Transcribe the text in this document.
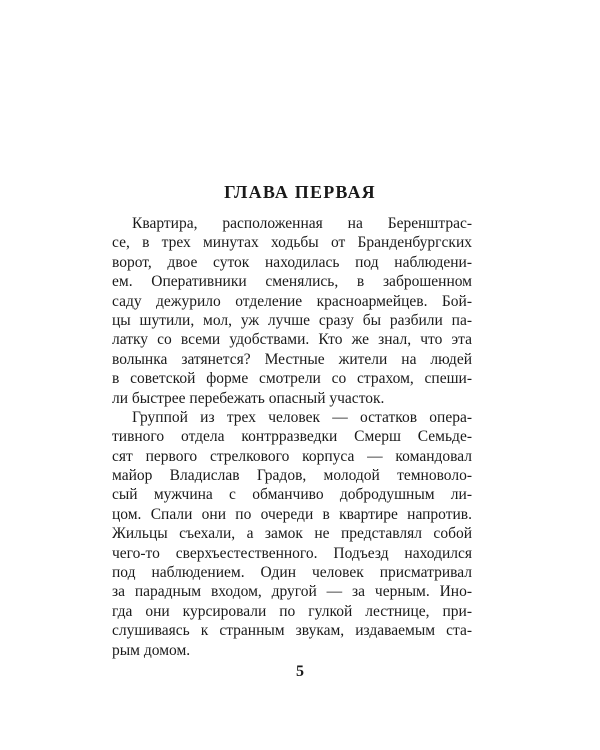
ГЛАВА ПЕРВАЯ
Квартира, расположенная на Беренштрас-
се, в трех минутах ходьбы от Бранденбургских
ворот, двое суток находилась под наблюдени-
ем. Оперативники сменялись, в заброшенном
саду дежурило отделение красноармейцев. Бой-
цы шутили, мол, уж лучше сразу бы разбили па-
латку со всеми удобствами. Кто же знал, что эта
волынка затянется? Местные жители на людей
в советской форме смотрели со страхом, спеши-
ли быстрее перебежать опасный участок.
Группой из трех человек — остатков опера-
тивного отдела контрразведки Смерш Семьде-
сят первого стрелкового корпуса — командовал
майор Владислав Градов, молодой темноволо-
сый мужчина с обманчиво добродушным ли-
цом. Спали они по очереди в квартире напротив.
Жильцы съехали, а замок не представлял собой
чего-то сверхъестественного. Подъезд находился
под наблюдением. Один человек присматривал
за парадным входом, другой — за черным. Ино-
гда они курсировали по гулкой лестнице, при-
слушиваясь к странным звукам, издаваемым ста-
рым домом.
5
